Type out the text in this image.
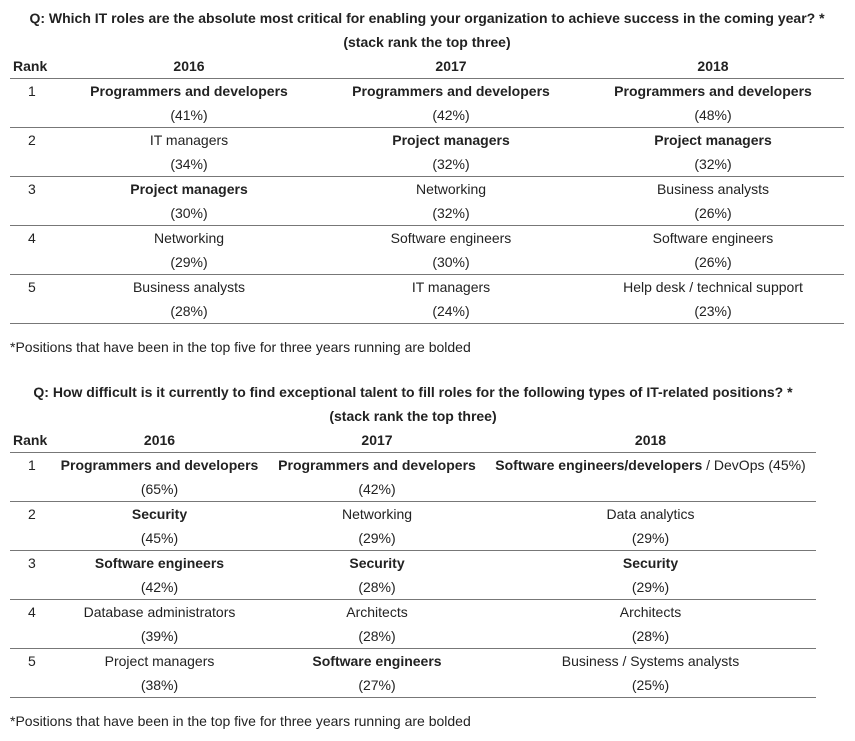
Q: Which IT roles are the absolute most critical for enabling your organization to achieve success in the coming year? *
(stack rank the top three)
Rank	2016	2017	2018
1	Programmers and developers	Programmers and developers	Programmers and developers
	(41%)	(42%)	(48%)
2	IT managers	Project managers	Project managers
	(34%)	(32%)	(32%)
3	Project managers	Networking	Business analysts
	(30%)	(32%)	(26%)
4	Networking	Software engineers	Software engineers
	(29%)	(30%)	(26%)
5	Business analysts	IT managers	Help desk / technical support
	(28%)	(24%)	(23%)
*Positions that have been in the top five for three years running are bolded
Q: How difficult is it currently to find exceptional talent to fill roles for the following types of IT-related positions? *
(stack rank the top three)
Rank	2016	2017	2018
1	Programmers and developers	Programmers and developers	Software engineers/developers / DevOps (45%)
	(65%)	(42%)	
2	Security	Networking	Data analytics
	(45%)	(29%)	(29%)
3	Software engineers	Security	Security
	(42%)	(28%)	(29%)
4	Database administrators	Architects	Architects
	(39%)	(28%)	(28%)
5	Project managers	Software engineers	Business / Systems analysts
	(38%)	(27%)	(25%)
*Positions that have been in the top five for three years running are bolded
